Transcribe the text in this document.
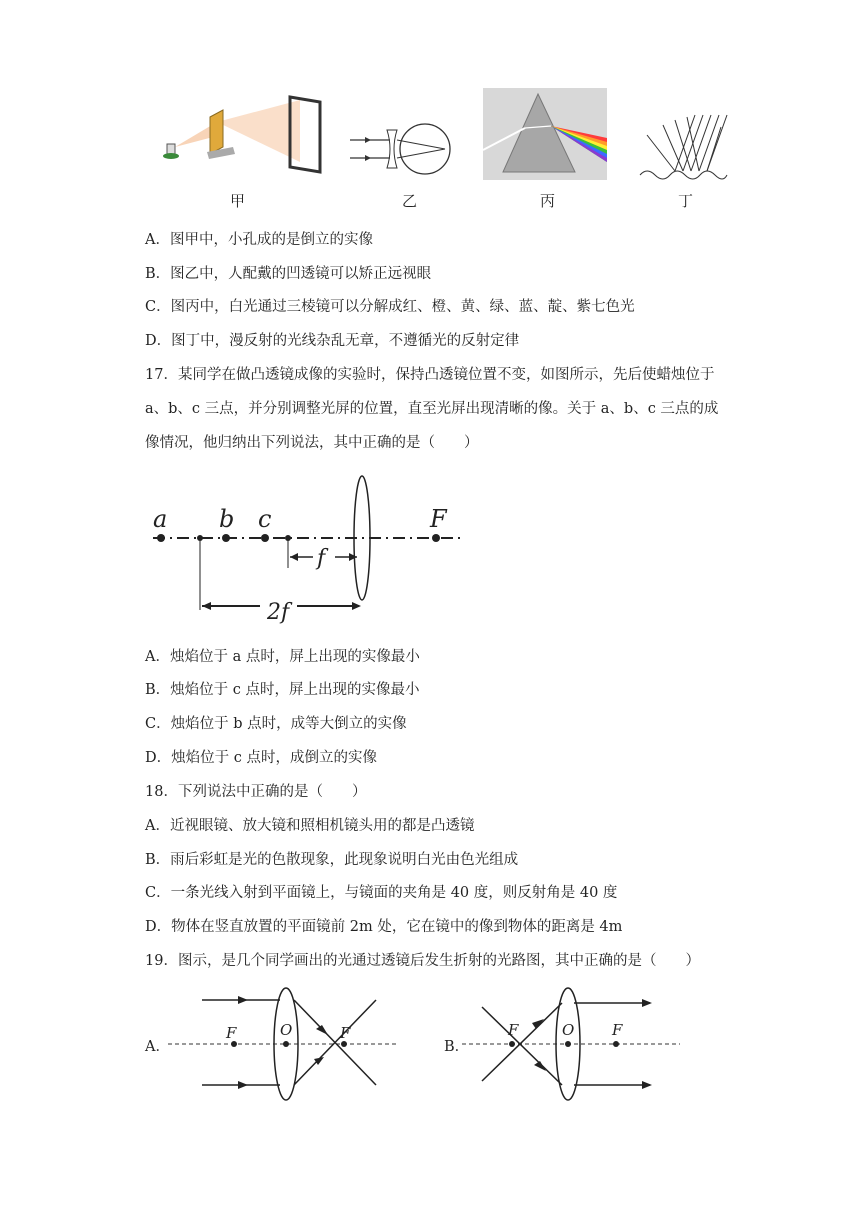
甲	乙	丙	丁
A．图甲中，小孔成的是倒立的实像
B．图乙中，人配戴的凹透镜可以矫正远视眼
C．图丙中，白光通过三棱镜可以分解成红、橙、黄、绿、蓝、靛、紫七色光
D．图丁中，漫反射的光线杂乱无章，不遵循光的反射定律
17．某同学在做凸透镜成像的实验时，保持凸透镜位置不变，如图所示，先后使蜡烛位于 a、b、c 三点，并分别调整光屏的位置，直至光屏出现清晰的像。关于 a、b、c 三点的成像情况，他归纳出下列说法，其中正确的是（　　）
a b c	F
f
2f
A．烛焰位于 a 点时，屏上出现的实像最小
B．烛焰位于 c 点时，屏上出现的实像最小
C．烛焰位于 b 点时，成等大倒立的实像
D．烛焰位于 c 点时，成倒立的实像
18．下列说法中正确的是（　　）
A．近视眼镜、放大镜和照相机镜头用的都是凸透镜
B．雨后彩虹是光的色散现象，此现象说明白光由色光组成
C．一条光线入射到平面镜上，与镜面的夹角是 40 度，则反射角是 40 度
D．物体在竖直放置的平面镜前 2m 处，它在镜中的像到物体的距离是 4m
19．图示，是几个同学画出的光通过透镜后发生折射的光路图，其中正确的是（　　）
A．
F	O	F
B．
F	O	F
